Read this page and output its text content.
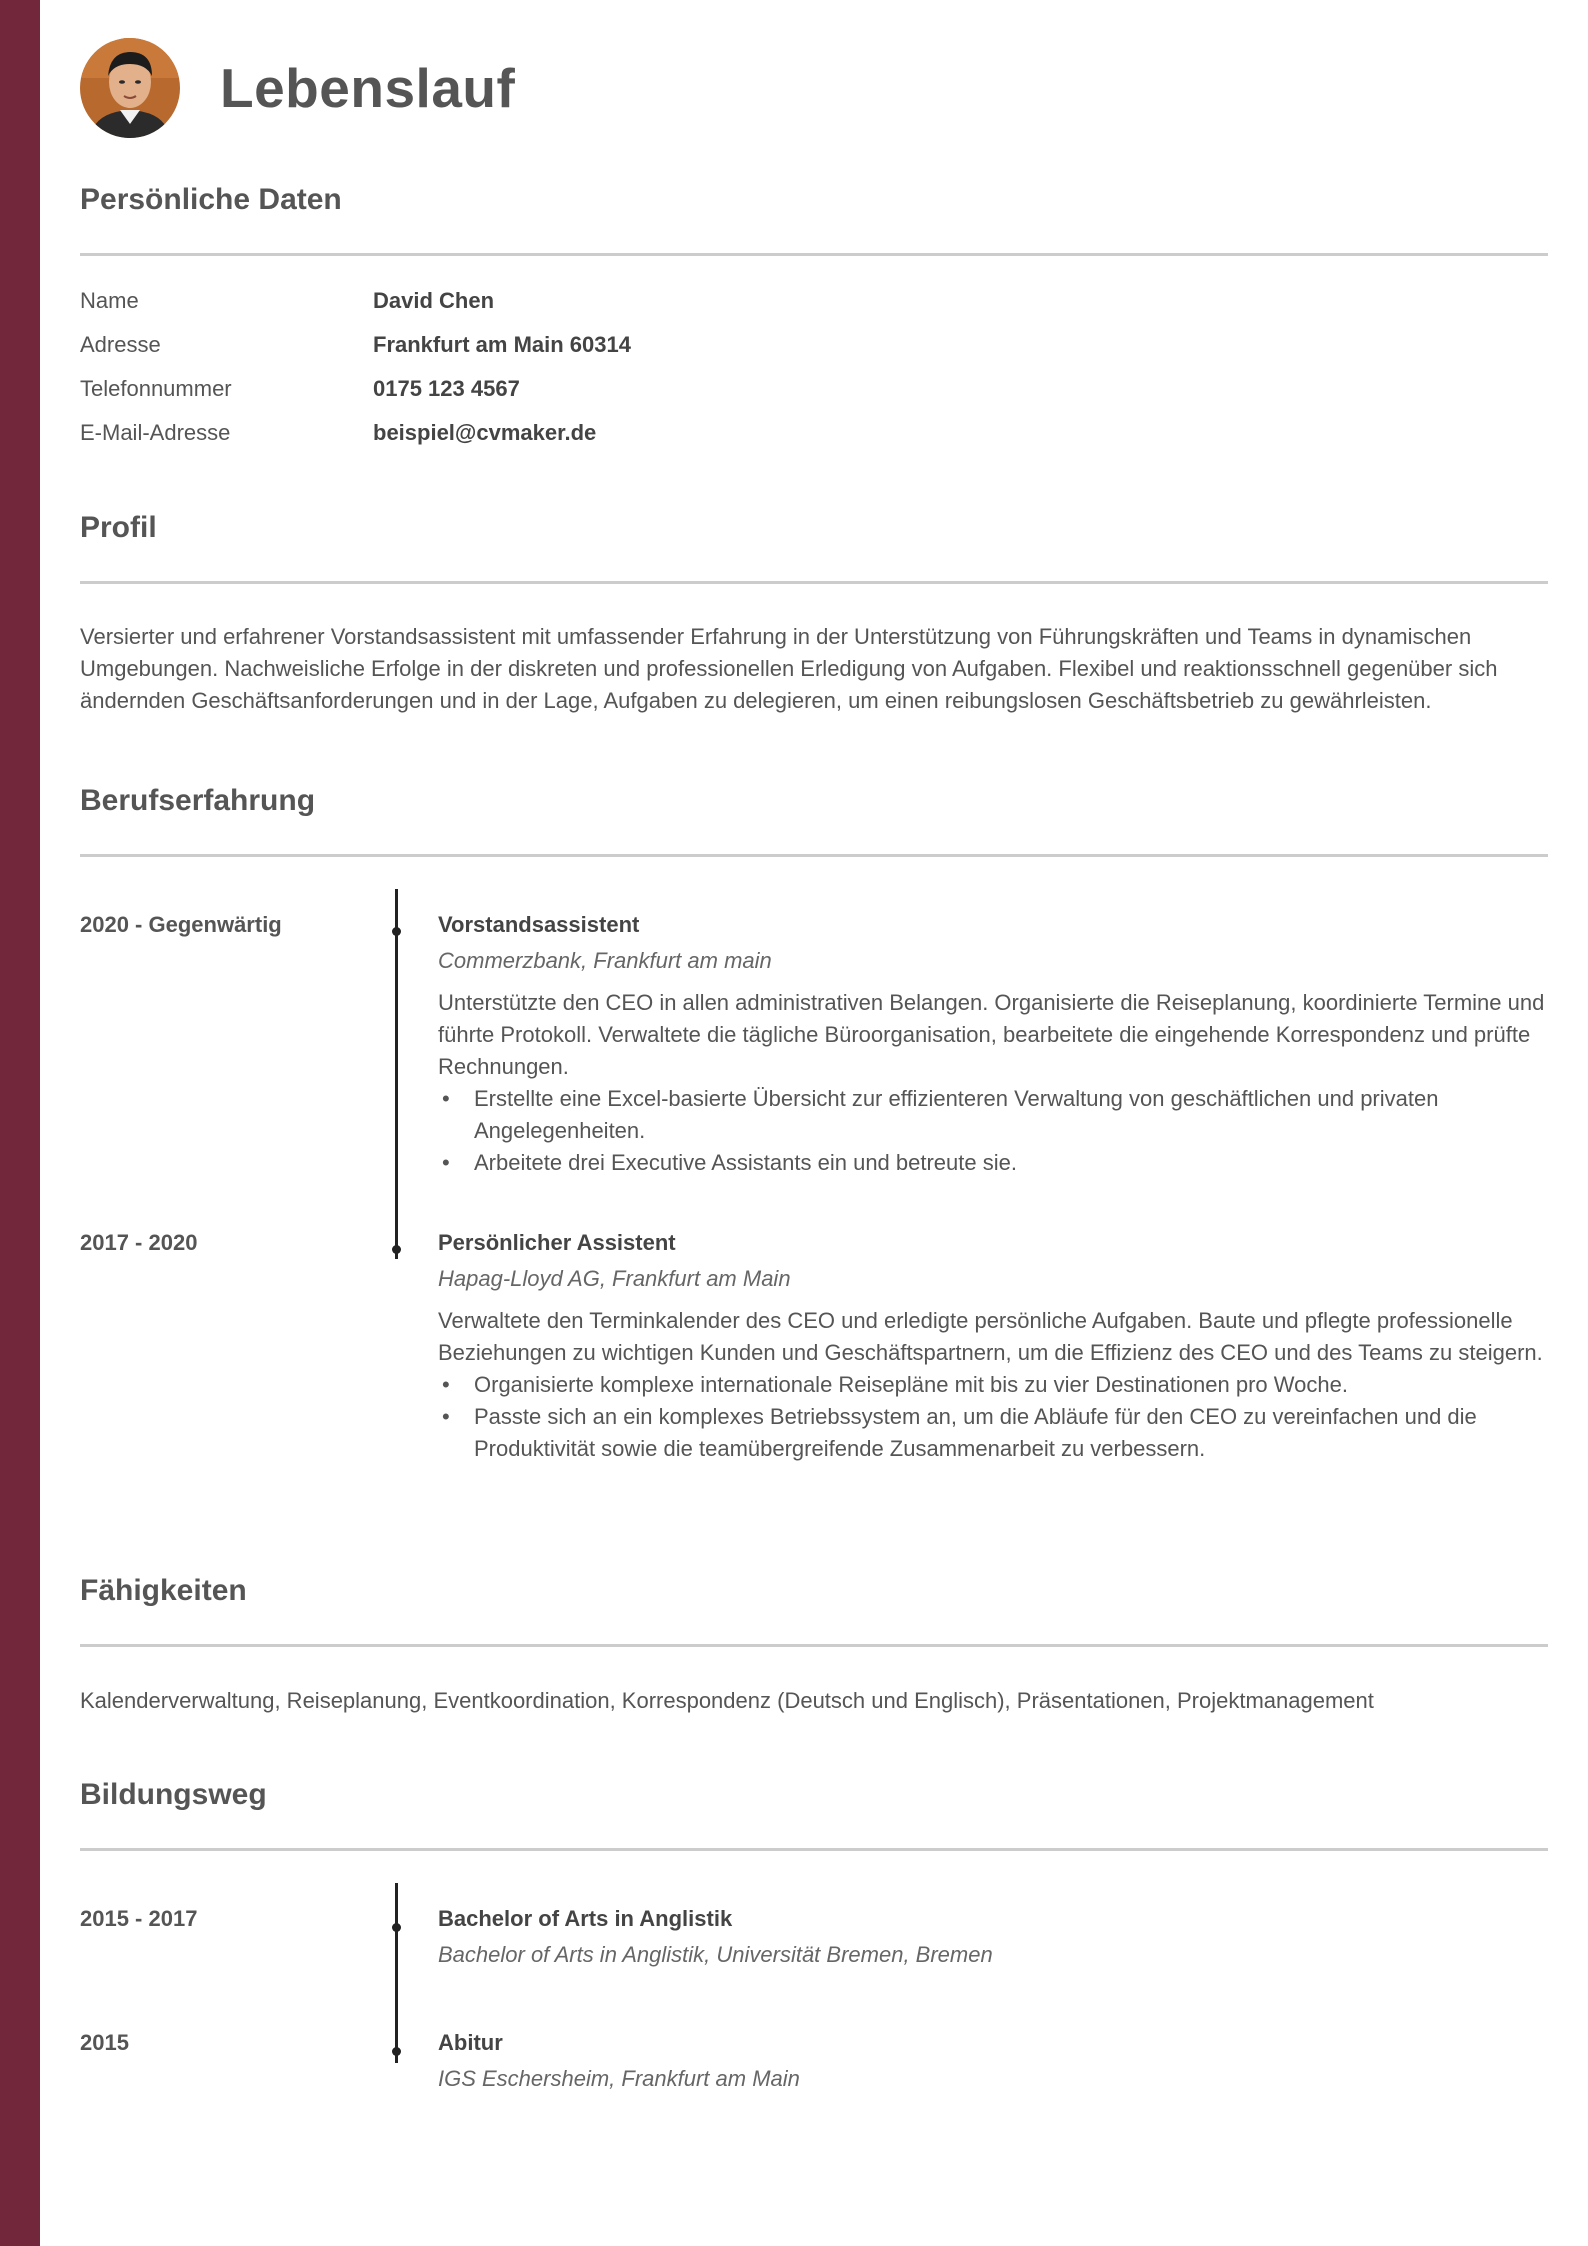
Lebenslauf
Persönliche Daten
Name	David Chen
Adresse	Frankfurt am Main 60314
Telefonnummer	0175 123 4567
E-Mail-Adresse	beispiel@cvmaker.de
Profil
Versierter und erfahrener Vorstandsassistent mit umfassender Erfahrung in der Unterstützung von Führungskräften und Teams in dynamischen Umgebungen. Nachweisliche Erfolge in der diskreten und professionellen Erledigung von Aufgaben. Flexibel und reaktionsschnell gegenüber sich ändernden Geschäftsanforderungen und in der Lage, Aufgaben zu delegieren, um einen reibungslosen Geschäftsbetrieb zu gewährleisten.
Berufserfahrung
2020 - Gegenwärtig	Vorstandsassistent
Commerzbank, Frankfurt am main
Unterstützte den CEO in allen administrativen Belangen. Organisierte die Reiseplanung, koordinierte Termine und führte Protokoll. Verwaltete die tägliche Büroorganisation, bearbeitete die eingehende Korrespondenz und prüfte Rechnungen.
• Erstellte eine Excel-basierte Übersicht zur effizienteren Verwaltung von geschäftlichen und privaten Angelegenheiten.
• Arbeitete drei Executive Assistants ein und betreute sie.
2017 - 2020	Persönlicher Assistent
Hapag-Lloyd AG, Frankfurt am Main
Verwaltete den Terminkalender des CEO und erledigte persönliche Aufgaben. Baute und pflegte professionelle Beziehungen zu wichtigen Kunden und Geschäftspartnern, um die Effizienz des CEO und des Teams zu steigern.
• Organisierte komplexe internationale Reisepläne mit bis zu vier Destinationen pro Woche.
• Passte sich an ein komplexes Betriebssystem an, um die Abläufe für den CEO zu vereinfachen und die Produktivität sowie die teamübergreifende Zusammenarbeit zu verbessern.
Fähigkeiten
Kalenderverwaltung, Reiseplanung, Eventkoordination, Korrespondenz (Deutsch und Englisch), Präsentationen, Projektmanagement
Bildungsweg
2015 - 2017	Bachelor of Arts in Anglistik
Bachelor of Arts in Anglistik, Universität Bremen, Bremen
2015	Abitur
IGS Eschersheim, Frankfurt am Main
